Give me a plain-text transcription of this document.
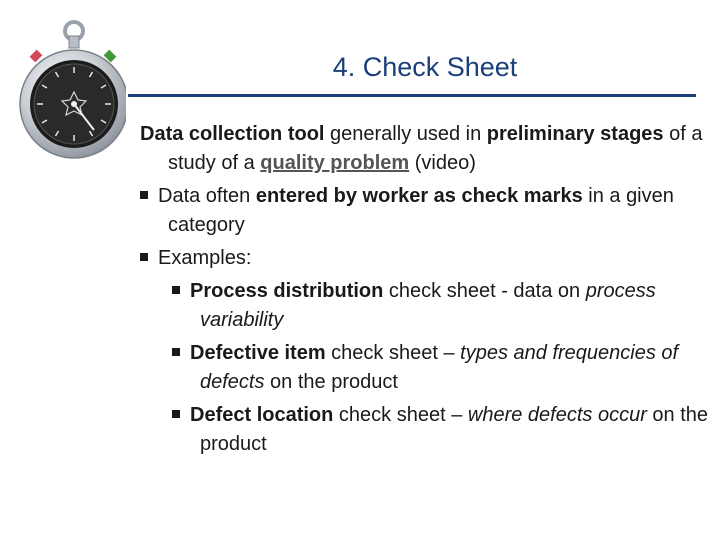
4. Check Sheet

Data collection tool generally used in preliminary stages of a study of a quality problem (video)

Data often entered by worker as check marks in a given category

Examples:

Process distribution check sheet - data on process variability

Defective item check sheet – types and frequencies of defects on the product

Defect location check sheet – where defects occur on the product
